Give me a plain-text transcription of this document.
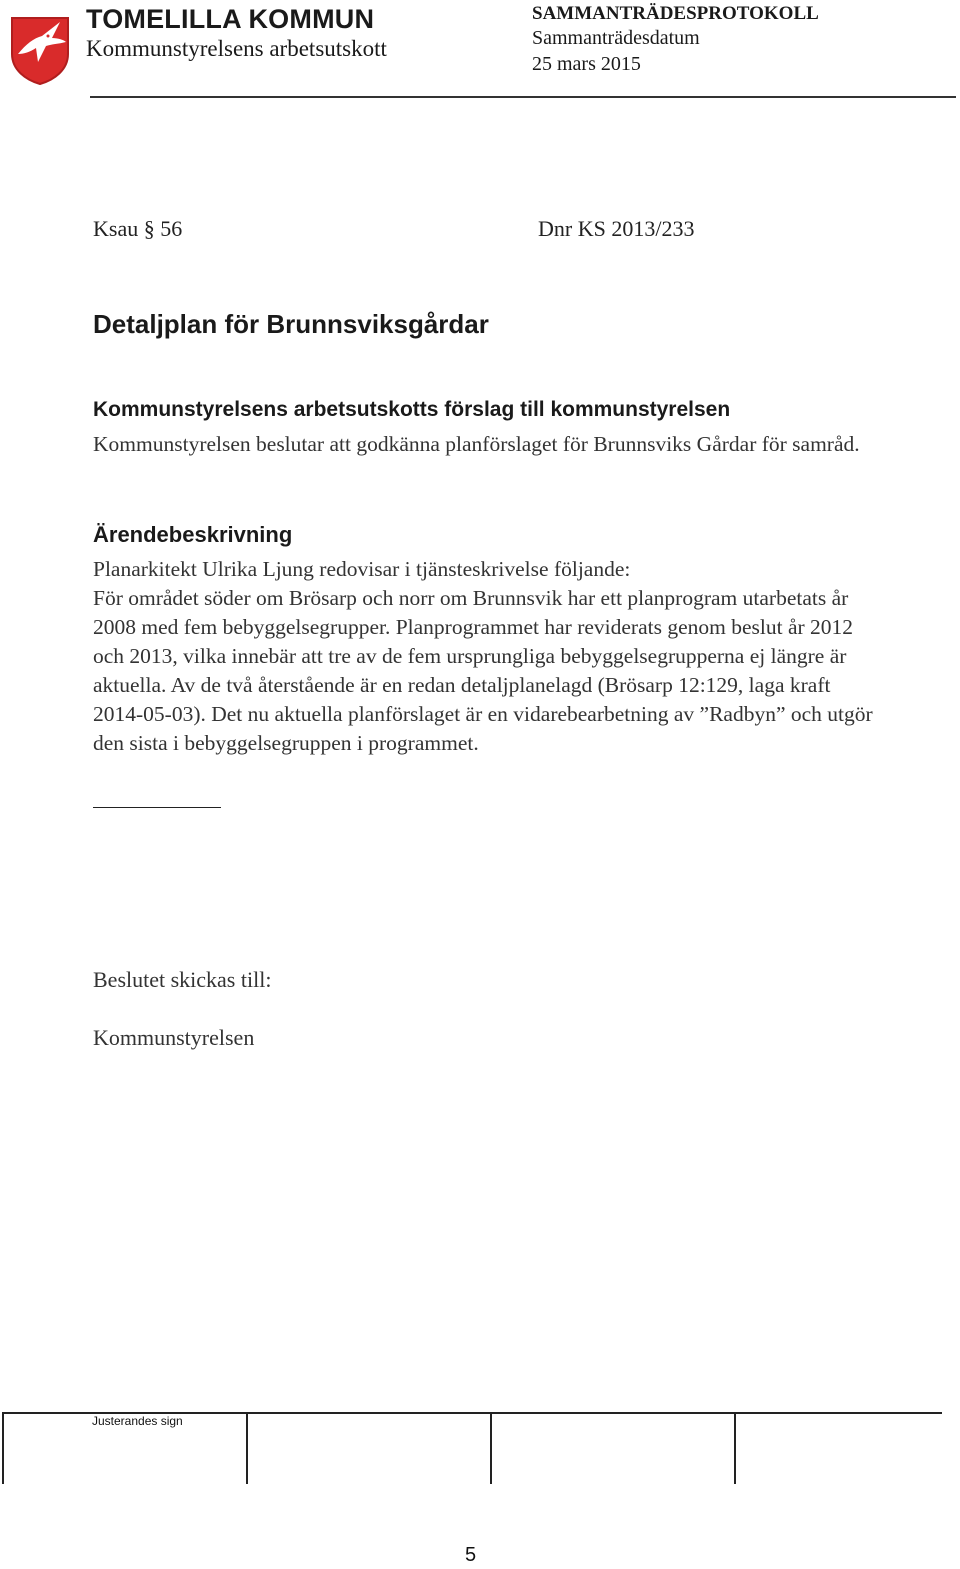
TOMELILLA KOMMUN
Kommunstyrelsens arbetsutskott
SAMMANTRÄDESPROTOKOLL
Sammanträdesdatum
25 mars 2015
Ksau § 56	Dnr KS 2013/233
Detaljplan för Brunnsviksgårdar
Kommunstyrelsens arbetsutskotts förslag till kommunstyrelsen
Kommunstyrelsen beslutar att godkänna planförslaget för Brunnsviks Gårdar för samråd.
Ärendebeskrivning
Planarkitekt Ulrika Ljung redovisar i tjänsteskrivelse följande:
För området söder om Brösarp och norr om Brunnsvik har ett planprogram utarbetats år 2008 med fem bebyggelsegrupper. Planprogrammet har reviderats genom beslut år 2012 och 2013, vilka innebär att tre av de fem ursprungliga bebyggelsegrupperna ej längre är aktuella. Av de två återstående är en redan detaljplanelagd (Brösarp 12:129, laga kraft 2014-05-03). Det nu aktuella planförslaget är en vidarebearbetning av ”Radbyn” och utgör den sista i bebyggelsegruppen i programmet.
Beslutet skickas till:
Kommunstyrelsen
Justerandes sign
5
